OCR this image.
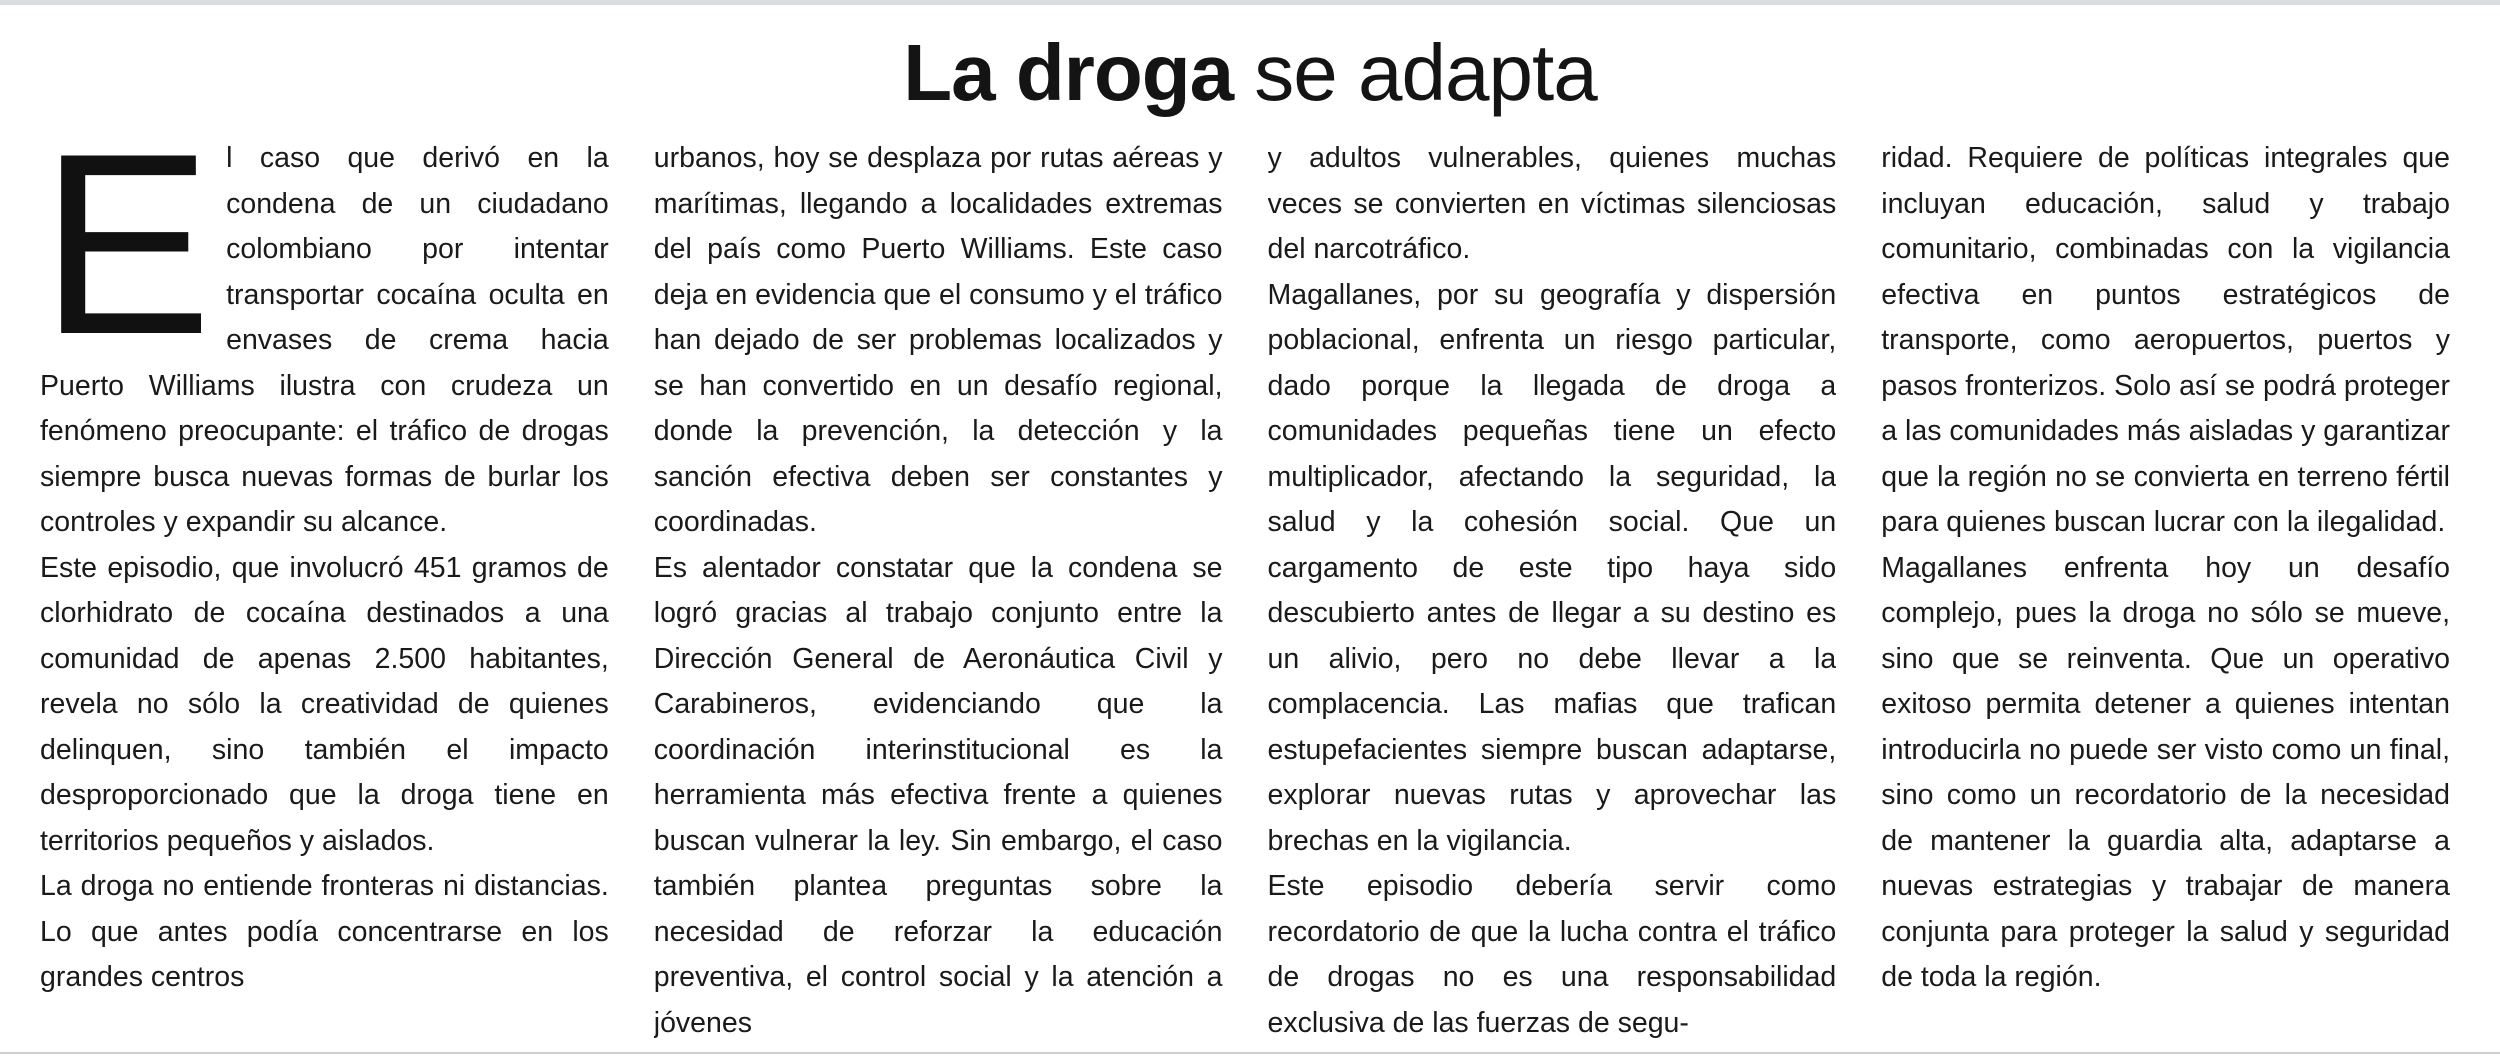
La droga se adapta

El caso que derivó en la condena de un ciudadano colombiano por intentar transportar cocaína oculta en envases de crema hacia Puerto Williams ilustra con crudeza un fenómeno preocupante: el tráfico de drogas siempre busca nuevas formas de burlar los controles y expandir su alcance.

Este episodio, que involucró 451 gramos de clorhidrato de cocaína destinados a una comunidad de apenas 2.500 habitantes, revela no sólo la creatividad de quienes delinquen, sino también el impacto desproporcionado que la droga tiene en territorios pequeños y aislados.

La droga no entiende fronteras ni distancias. Lo que antes podía concentrarse en los grandes centros

urbanos, hoy se desplaza por rutas aéreas y marítimas, llegando a localidades extremas del país como Puerto Williams. Este caso deja en evidencia que el consumo y el tráfico han dejado de ser problemas localizados y se han convertido en un desafío regional, donde la prevención, la detección y la sanción efectiva deben ser constantes y coordinadas.

Es alentador constatar que la condena se logró gracias al trabajo conjunto entre la Dirección General de Aeronáutica Civil y Carabineros, evidenciando que la coordinación interinstitucional es la herramienta más efectiva frente a quienes buscan vulnerar la ley. Sin embargo, el caso también plantea preguntas sobre la necesidad de reforzar la educación preventiva, el control social y la atención a jóvenes

y adultos vulnerables, quienes muchas veces se convierten en víctimas silenciosas del narcotráfico.

Magallanes, por su geografía y dispersión poblacional, enfrenta un riesgo particular, dado porque la llegada de droga a comunidades pequeñas tiene un efecto multiplicador, afectando la seguridad, la salud y la cohesión social. Que un cargamento de este tipo haya sido descubierto antes de llegar a su destino es un alivio, pero no debe llevar a la complacencia. Las mafias que trafican estupefacientes siempre buscan adaptarse, explorar nuevas rutas y aprovechar las brechas en la vigilancia.

Este episodio debería servir como recordatorio de que la lucha contra el tráfico de drogas no es una responsabilidad exclusiva de las fuerzas de segu-

ridad. Requiere de políticas integrales que incluyan educación, salud y trabajo comunitario, combinadas con la vigilancia efectiva en puntos estratégicos de transporte, como aeropuertos, puertos y pasos fronterizos. Solo así se podrá proteger a las comunidades más aisladas y garantizar que la región no se convierta en terreno fértil para quienes buscan lucrar con la ilegalidad.

Magallanes enfrenta hoy un desafío complejo, pues la droga no sólo se mueve, sino que se reinventa. Que un operativo exitoso permita detener a quienes intentan introducirla no puede ser visto como un final, sino como un recordatorio de la necesidad de mantener la guardia alta, adaptarse a nuevas estrategias y trabajar de manera conjunta para proteger la salud y seguridad de toda la región.
